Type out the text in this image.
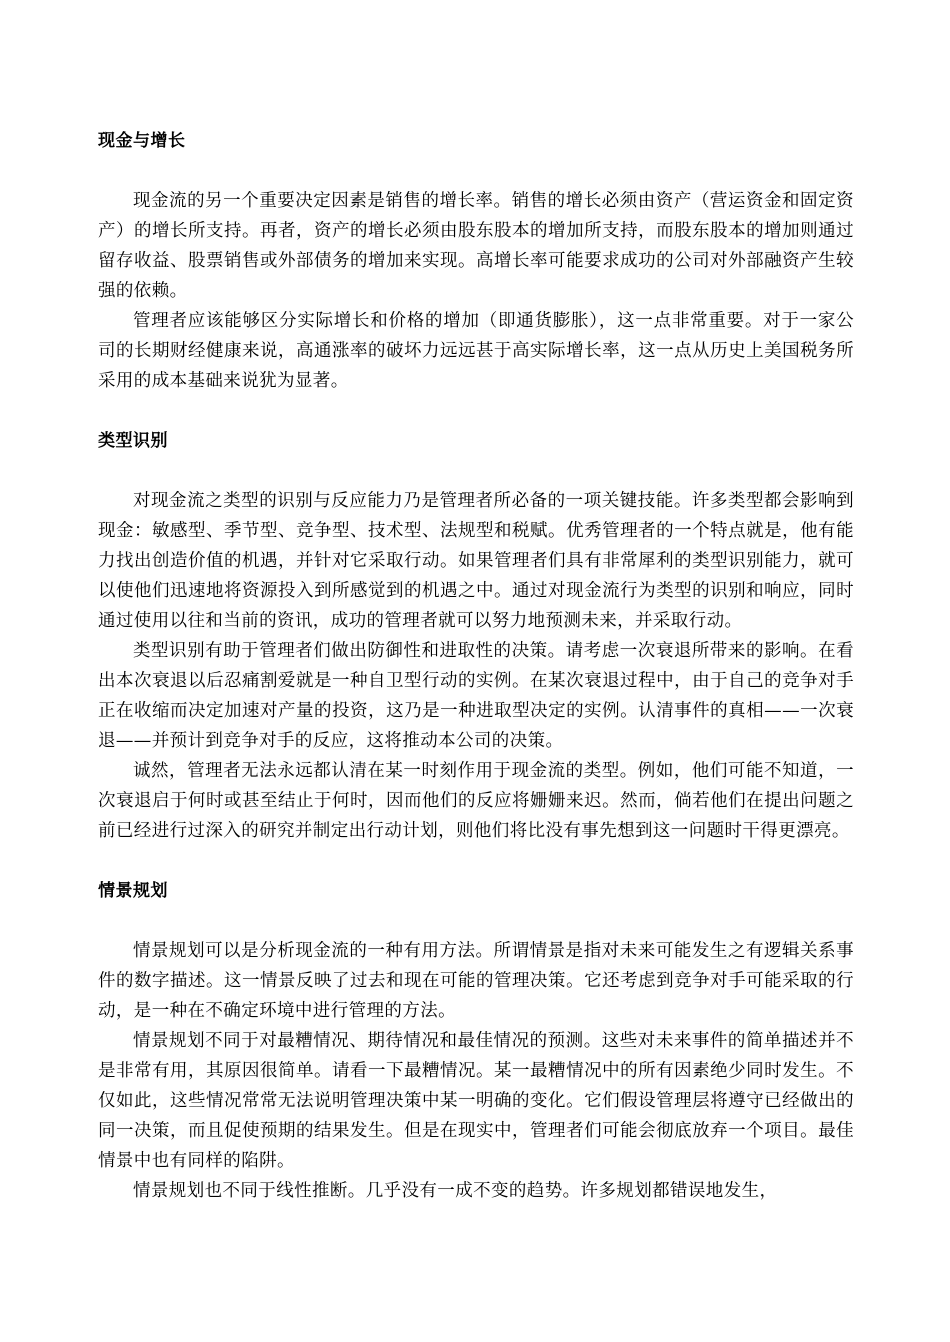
现金与增长

现金流的另一个重要决定因素是销售的增长率。销售的增长必须由资产（营运资金和固定资产）的增长所支持。再者，资产的增长必须由股东股本的增加所支持，而股东股本的增加则通过留存收益、股票销售或外部债务的增加来实现。高增长率可能要求成功的公司对外部融资产生较强的依赖。

管理者应该能够区分实际增长和价格的增加（即通货膨胀），这一点非常重要。对于一家公司的长期财经健康来说，高通涨率的破坏力远远甚于高实际增长率，这一点从历史上美国税务所采用的成本基础来说犹为显著。

类型识别

对现金流之类型的识别与反应能力乃是管理者所必备的一项关键技能。许多类型都会影响到现金：敏感型、季节型、竞争型、技术型、法规型和税赋。优秀管理者的一个特点就是，他有能力找出创造价值的机遇，并针对它采取行动。如果管理者们具有非常犀利的类型识别能力，就可以使他们迅速地将资源投入到所感觉到的机遇之中。通过对现金流行为类型的识别和响应，同时通过使用以往和当前的资讯，成功的管理者就可以努力地预测未来，并采取行动。

类型识别有助于管理者们做出防御性和进取性的决策。请考虑一次衰退所带来的影响。在看出本次衰退以后忍痛割爱就是一种自卫型行动的实例。在某次衰退过程中，由于自己的竞争对手正在收缩而决定加速对产量的投资，这乃是一种进取型决定的实例。认清事件的真相——一次衰退——并预计到竞争对手的反应，这将推动本公司的决策。

诚然，管理者无法永远都认清在某一时刻作用于现金流的类型。例如，他们可能不知道，一次衰退启于何时或甚至结止于何时，因而他们的反应将姗姗来迟。然而，倘若他们在提出问题之前已经进行过深入的研究并制定出行动计划，则他们将比没有事先想到这一问题时干得更漂亮。

情景规划

情景规划可以是分析现金流的一种有用方法。所谓情景是指对未来可能发生之有逻辑关系事件的数字描述。这一情景反映了过去和现在可能的管理决策。它还考虑到竞争对手可能采取的行动，是一种在不确定环境中进行管理的方法。

情景规划不同于对最糟情况、期待情况和最佳情况的预测。这些对未来事件的简单描述并不是非常有用，其原因很简单。请看一下最糟情况。某一最糟情况中的所有因素绝少同时发生。不仅如此，这些情况常常无法说明管理决策中某一明确的变化。它们假设管理层将遵守已经做出的同一决策，而且促使预期的结果发生。但是在现实中，管理者们可能会彻底放弃一个项目。最佳情景中也有同样的陷阱。

情景规划也不同于线性推断。几乎没有一成不变的趋势。许多规划都错误地发生，
